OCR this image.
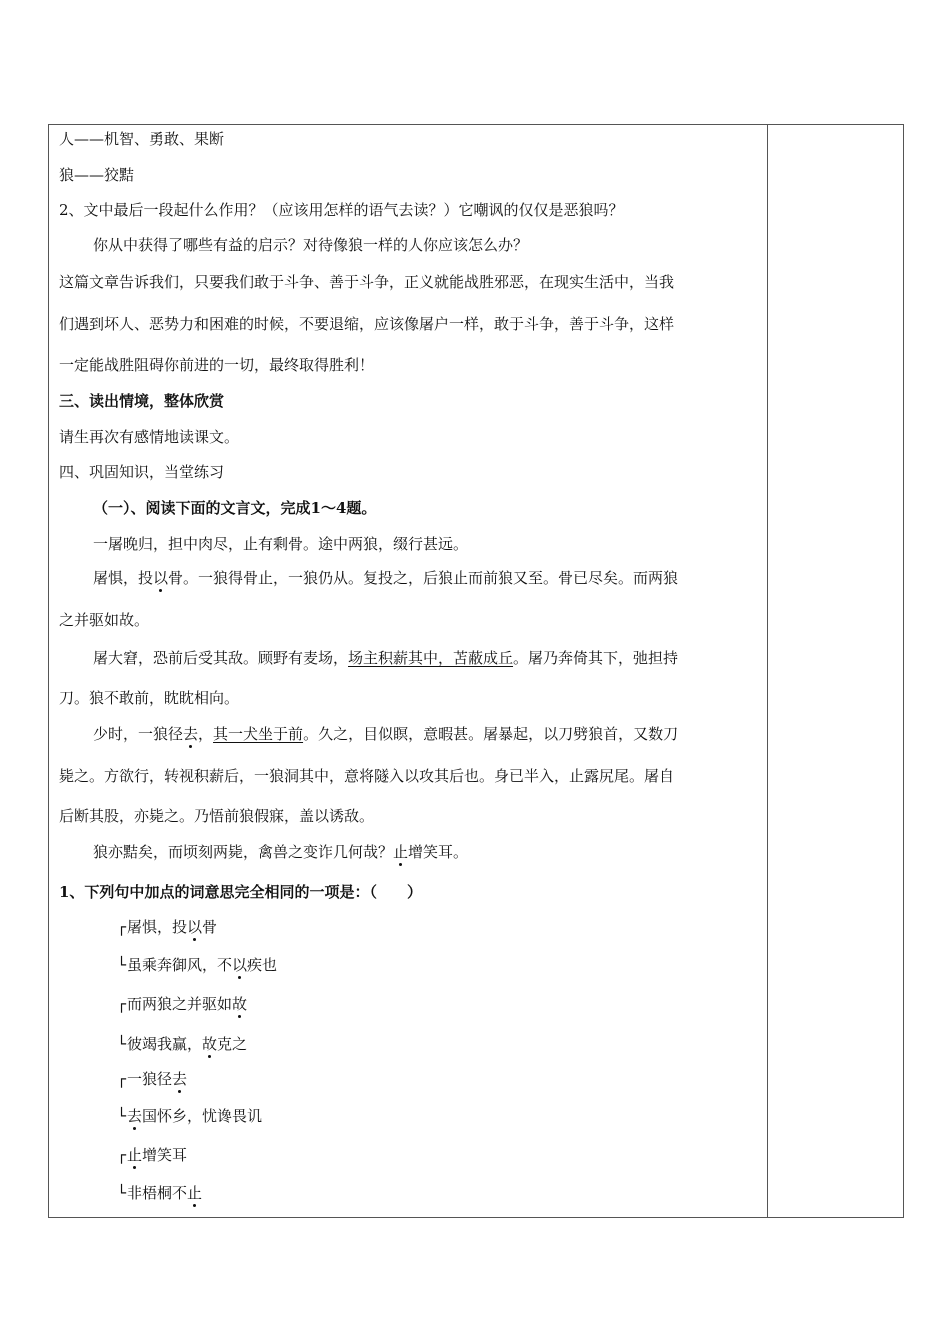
人——机智、勇敢、果断
狼——狡黠
2、文中最后一段起什么作用？（应该用怎样的语气去读？）它嘲讽的仅仅是恶狼吗？
你从中获得了哪些有益的启示？对待像狼一样的人你应该怎么办？
这篇文章告诉我们，只要我们敢于斗争、善于斗争，正义就能战胜邪恶，在现实生活中，当我
们遇到坏人、恶势力和困难的时候，不要退缩，应该像屠户一样，敢于斗争，善于斗争，这样
一定能战胜阻碍你前进的一切，最终取得胜利！
三、读出情境，整体欣赏
请生再次有感情地读课文。
四、巩固知识，当堂练习
（一）、阅读下面的文言文，完成1～4题。
一屠晚归，担中肉尽，止有剩骨。途中两狼，缀行甚远。
屠惧，投以骨。一狼得骨止，一狼仍从。复投之，后狼止而前狼又至。骨已尽矣。而两狼
之并驱如故。
屠大窘，恐前后受其敌。顾野有麦场，场主积薪其中，苫蔽成丘。屠乃奔倚其下，弛担持
刀。狼不敢前，眈眈相向。
少时，一狼径去，其一犬坐于前。久之，目似瞑，意暇甚。屠暴起，以刀劈狼首，又数刀
毙之。方欲行，转视积薪后，一狼洞其中，意将隧入以攻其后也。身已半入，止露尻尾。屠自
后断其股，亦毙之。乃悟前狼假寐，盖以诱敌。
狼亦黠矣，而顷刻两毙，禽兽之变诈几何哉？止增笑耳。
1、下列句中加点的词意思完全相同的一项是：（　　）
┌屠惧，投以骨
└虽乘奔御风，不以疾也
┌而两狼之并驱如故
└彼竭我赢，故克之
┌一狼径去
└去国怀乡，忧谗畏讥
┌止增笑耳
└非梧桐不止
